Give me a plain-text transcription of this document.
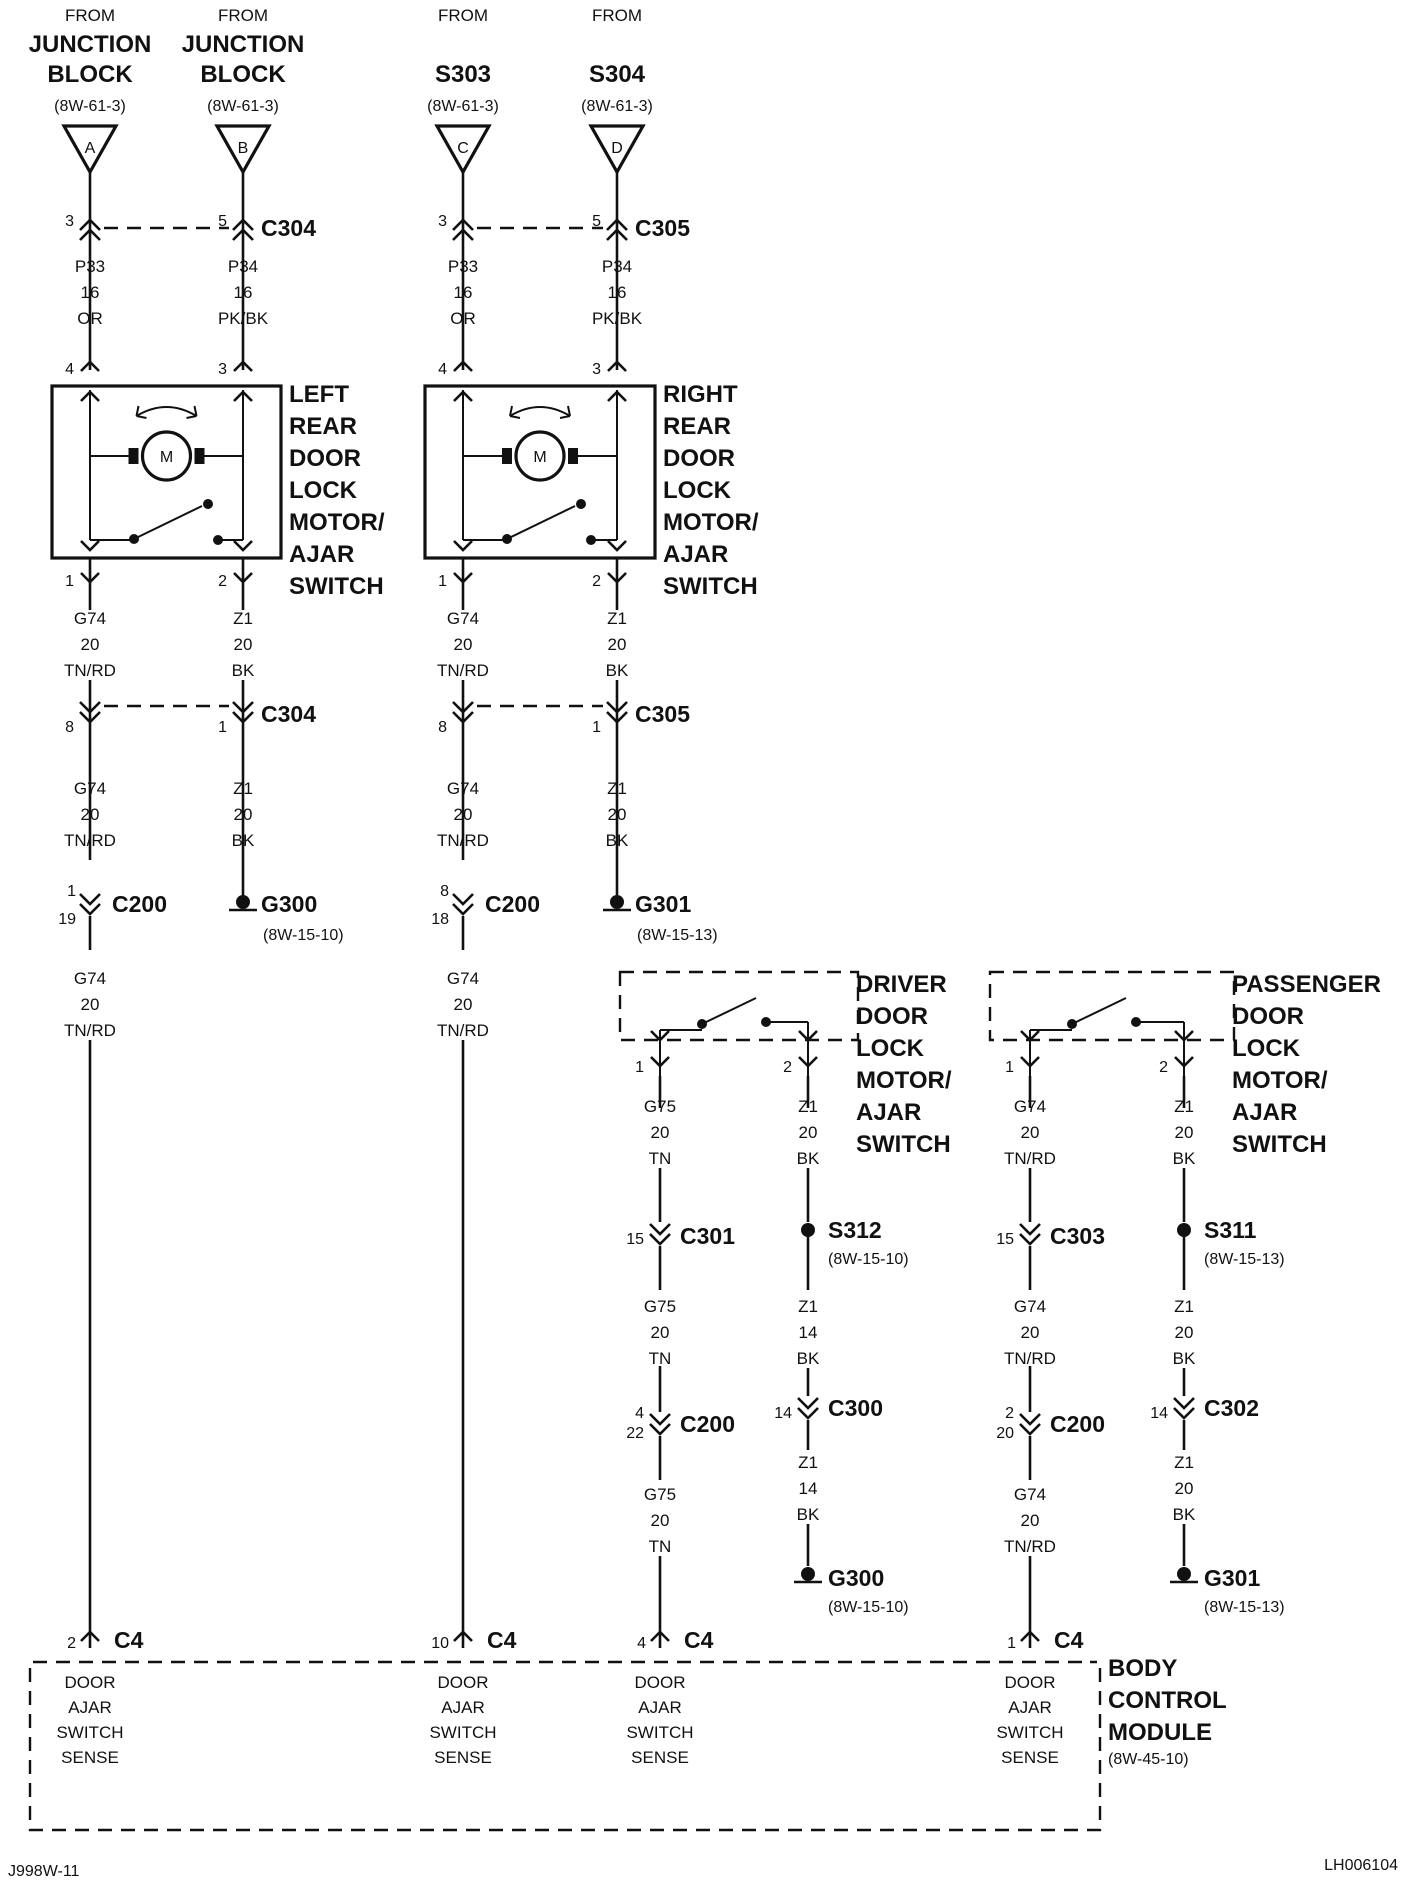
FROM
JUNCTION
BLOCK
(8W-61-3)
A
FROM
JUNCTION
BLOCK
(8W-61-3)
B
FROM
S303
(8W-61-3)
C
FROM
S304
(8W-61-3)
D
3	5 C304	3	5 C305
P33
16
OR
P34
16
PK/BK
P33
16
OR
P34
16
PK/BK
4	3
M
1	2
LEFT
REAR
DOOR
LOCK
MOTOR/
AJAR
SWITCH
4	3
M
1	2
RIGHT
REAR
DOOR
LOCK
MOTOR/
AJAR
SWITCH
G74
20
TN/RD
Z1
20
BK
G74
20
TN/RD
Z1
20
BK
8	1
C304
8	1
C305
G74
20
TN/RD
Z1
20
BK
G74
20
TN/RD
Z1
20
BK
1
19
C200	8
18
C200
G300
(8W-15-10)
G301
(8W-15-13)
G74
20
TN/RD
G74
20
TN/RD
1	2
DRIVER
DOOR
LOCK
MOTOR/
AJAR
SWITCH
1	2
PASSENGER
DOOR
LOCK
MOTOR/
AJAR
SWITCH
G75
20
TN
15 C301
G75
20
TN
4
22 C200
G75
20
TN
Z1
20
BK
S312
(8W-15-10)
Z1
14
BK
14 C300
Z1
14
BK
G300
(8W-15-10)
G74
20
TN/RD
15 C303
G74
20
TN/RD
2
20 C200
G74
20
TN/RD
Z1
20
BK
S311
(8W-15-13)
Z1
20
BK
14 C302
Z1
20
BK
G301
(8W-15-13)
BODY
CONTROL
MODULE
(8W-45-10)
2 C4
DOOR
AJAR
SWITCH
SENSE
10 C4
DOOR
AJAR
SWITCH
SENSE
4 C4
DOOR
AJAR
SWITCH
SENSE
1 C4
DOOR
AJAR
SWITCH
SENSE
J998W-11	LH006104
